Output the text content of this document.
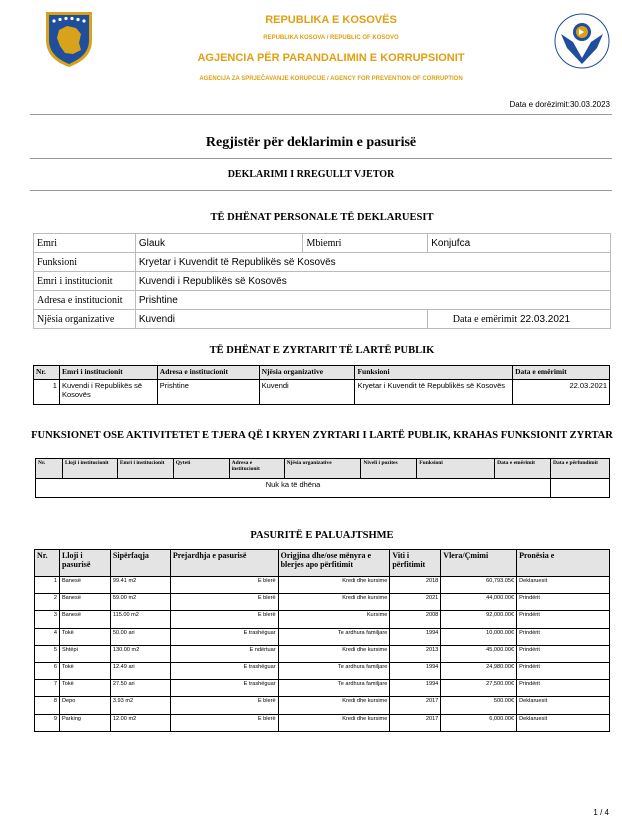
REPUBLIKA E KOSOVËS
REPUBLIKA KOSOVA / REPUBLIC OF KOSOVO
AGJENCIA PËR PARANDALIMIN E KORRUPSIONIT
AGENCIJA ZA SPRJEČAVANJE KORUPCIJE / AGENCY FOR PREVENTION OF CORRUPTION
Data e dorëzimit:30.03.2023
Regjistër për deklarimin e pasurisë
DEKLARIMI I RREGULLT VJETOR
TË DHËNAT PERSONALE TË DEKLARUESIT
Emri	Glauk	Mbiemri	Konjufca
Funksioni	Kryetar i Kuvendit të Republikës së Kosovës		
Emri i institucionit	Kuvendi i Republikës së Kosovës		
Adresa e institucionit	Prishtine		
Njësia organizative	Kuvendi		Data e emërimit 22.03.2021
TË DHËNAT E ZYRTARIT TË LARTË PUBLIK
Nr.	Emri i institucionit	Adresa e institucionit	Njësia organizative	Funksioni	Data e emërimit
1	Kuvendi i Republikës së Kosovës	Prishtine	Kuvendi	Kryetar i Kuvendit të Republikës së Kosovës	22.03.2021
FUNKSIONET OSE AKTIVITETET E TJERA QË I KRYEN ZYRTARI I LARTË PUBLIK, KRAHAS FUNKSIONIT ZYRTAR
Nr.	Lloji i institucionit	Emri i institucionit	Qyteti	Adresa e institucionit	Njësia organizative	Niveli i pozites	Funksioni	Data e emërimit	Data e përfundimit
Nuk ka të dhëna									
PASURITË E PALUAJTSHME
Nr.	Lloji i pasurisë	Sipërfaqja	Prejardhja e pasurisë	Origjina dhe/ose mënyra e blerjes apo përfitimit	Viti i përfitimit	Vlera/Çmimi	Pronësia e
1	Banesë	99.41 m2	E blerë	Kredi dhe kursime	2018	60,793.05€	Deklaruesit
2	Banesë	59.00 m2	E blerë	Kredi dhe kursime	2021	44,000.00€	Prindërit
3	Banesë	115.00 m2	E blerë	Kursime	2008	92,000.00€	Prindërit
4	Tokë	50.00 ari	E trashëguar	Te ardhura familjare	1994	10,000.00€	Prindërit
5	Shtëpi	130.00 m2	E ndërtuar	Kredi dhe kursime	2013	45,000.00€	Prindërit
6	Tokë	12.49 ari	E trashëguar	Te ardhura familjare	1994	24,980.00€	Prindërit
7	Tokë	27.50 ari	E trashëguar	Te ardhura familjare	1994	27,500.00€	Prindërit
8	Depo	3.93 m2	E blerë	Kredi dhe kursime	2017	500.00€	Deklaruesit
9	Parking	12.00 m2	E blerë	Kredi dhe kursime	2017	6,000.00€	Deklaruesit
1 / 4
